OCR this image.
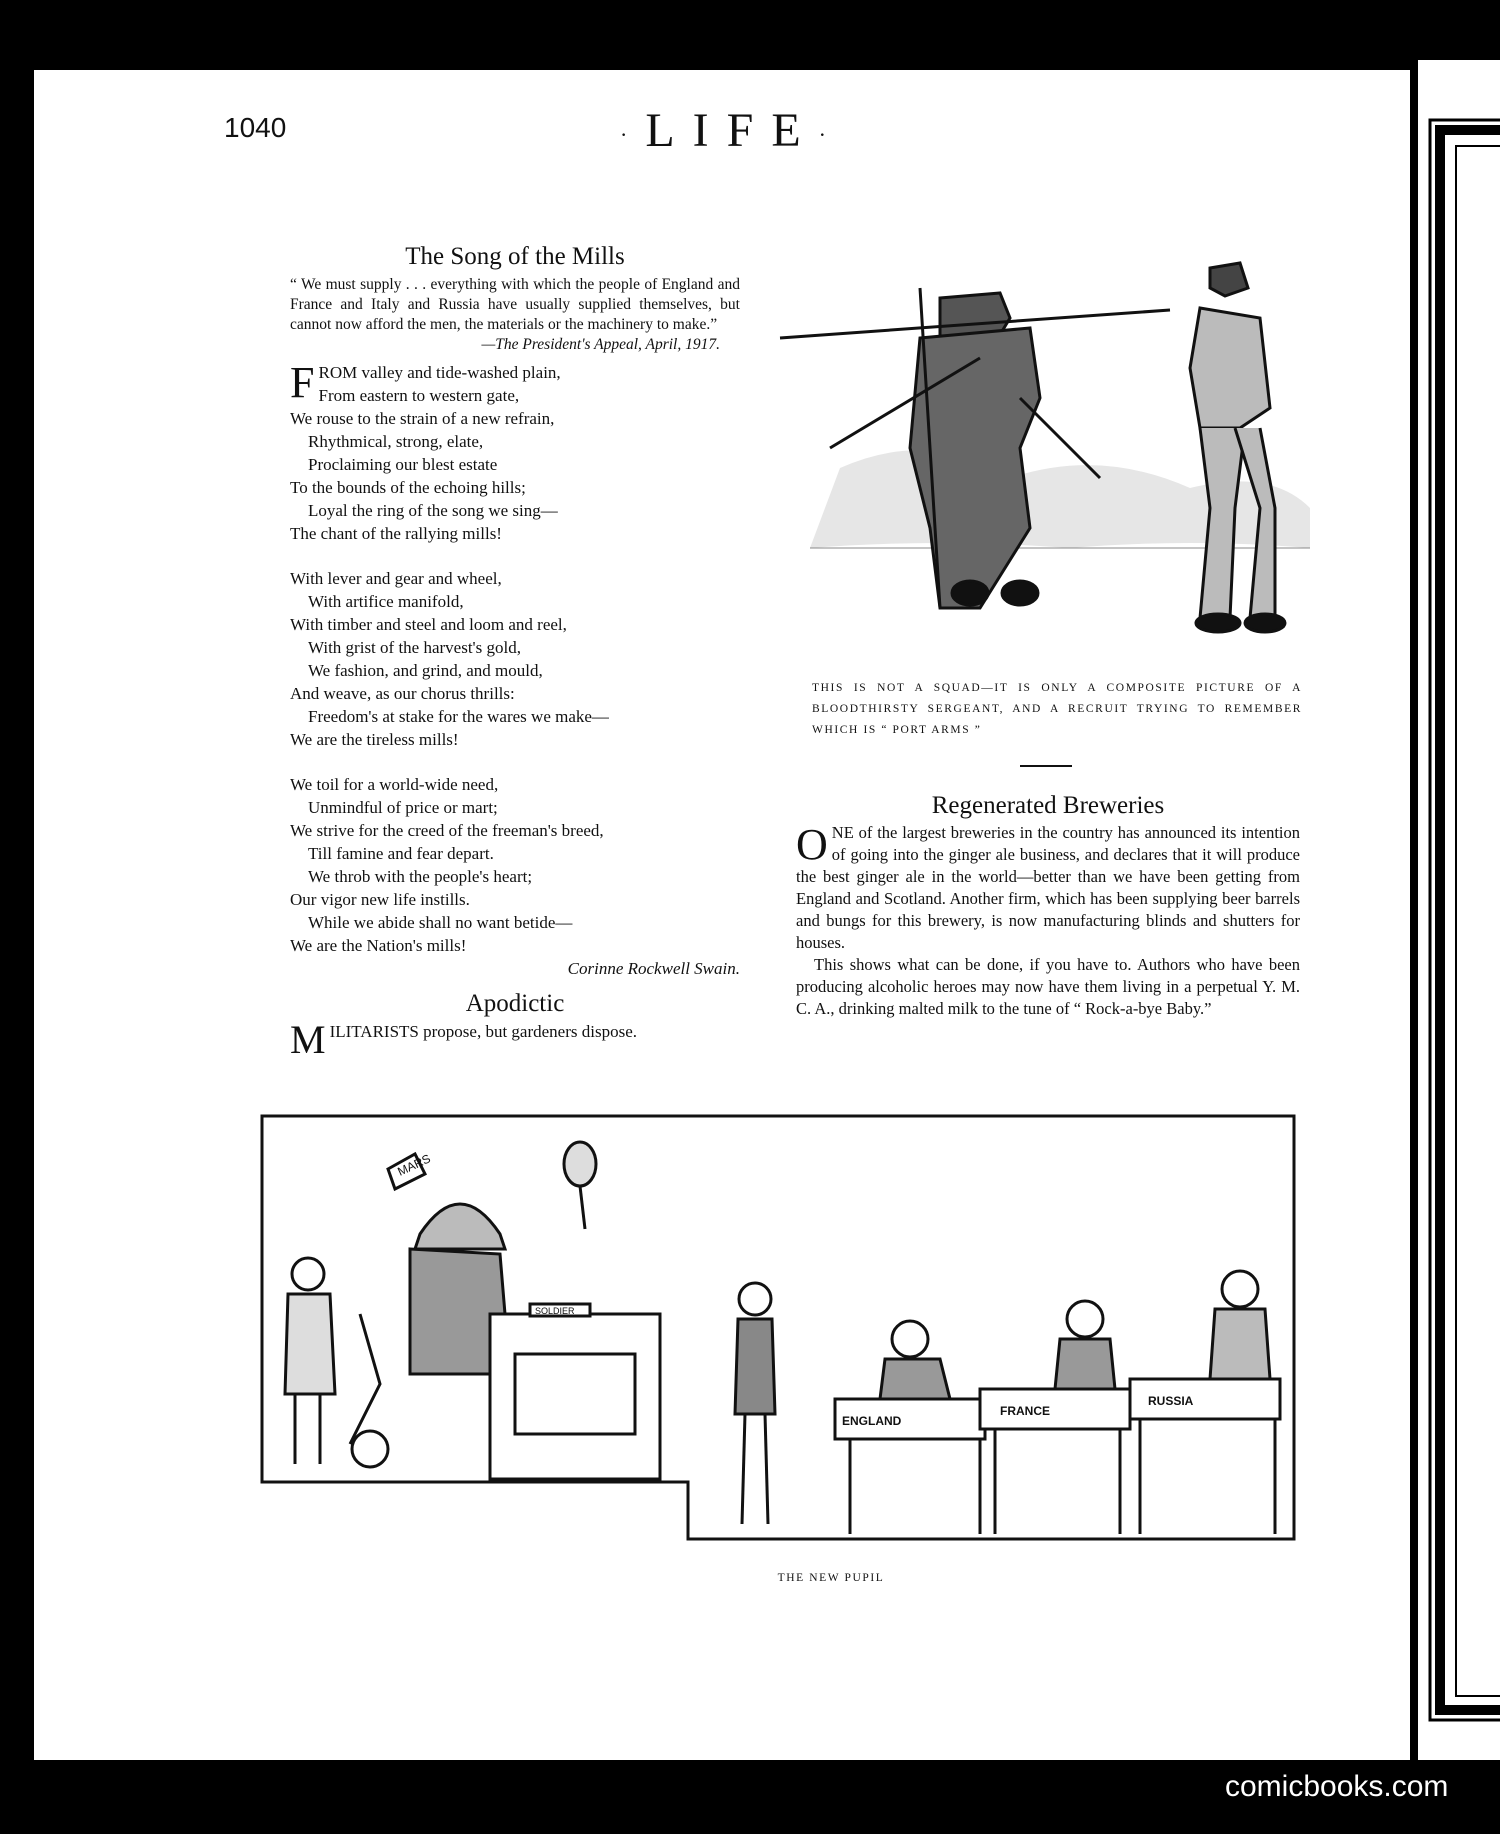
1040	·LIFE·
The Song of the Mills
“ We must supply . . . everything with which the people of England and France and Italy and Russia have usually supplied themselves, but cannot now afford the men, the materials or the machinery to make.”
—The President's Appeal, April, 1917.
F ROM valley and tide-washed plain,
From eastern to western gate,
We rouse to the strain of a new refrain,
Rhythmical, strong, elate,
Proclaiming our blest estate
To the bounds of the echoing hills;
Loyal the ring of the song we sing—
The chant of the rallying mills!
With lever and gear and wheel,
With artifice manifold,
With timber and steel and loom and reel,
With grist of the harvest's gold,
We fashion, and grind, and mould,
And weave, as our chorus thrills:
Freedom's at stake for the wares we make—
We are the tireless mills!
We toil for a world-wide need,
Unmindful of price or mart;
We strive for the creed of the freeman's breed,
Till famine and fear depart.
We throb with the people's heart;
Our vigor new life instills.
While we abide shall no want betide—
We are the Nation's mills!
Corinne Rockwell Swain.
Apodictic
MILITARISTS propose, but gardeners dispose.
THIS IS NOT A SQUAD—IT IS ONLY A COMPOSITE PICTURE OF A BLOODTHIRSTY SERGEANT, AND A RECRUIT TRYING TO REMEMBER WHICH IS “ PORT ARMS ”
Regenerated Breweries
ONE of the largest breweries in the country has announced its intention of going into the ginger ale business, and declares that it will produce the best ginger ale in the world—better than we have been getting from England and Scotland. Another firm, which has been supplying beer barrels and bungs for this brewery, is now manufacturing blinds and shutters for houses.
This shows what can be done, if you have to. Authors who have been producing alcoholic heroes may now have them living in a perpetual Y. M. C. A., drinking malted milk to the tune of “ Rock-a-bye Baby.”
MARS
SOLDIER
ENGLAND
FRANCE
RUSSIA
THE NEW PUPIL
comicbooks.com
